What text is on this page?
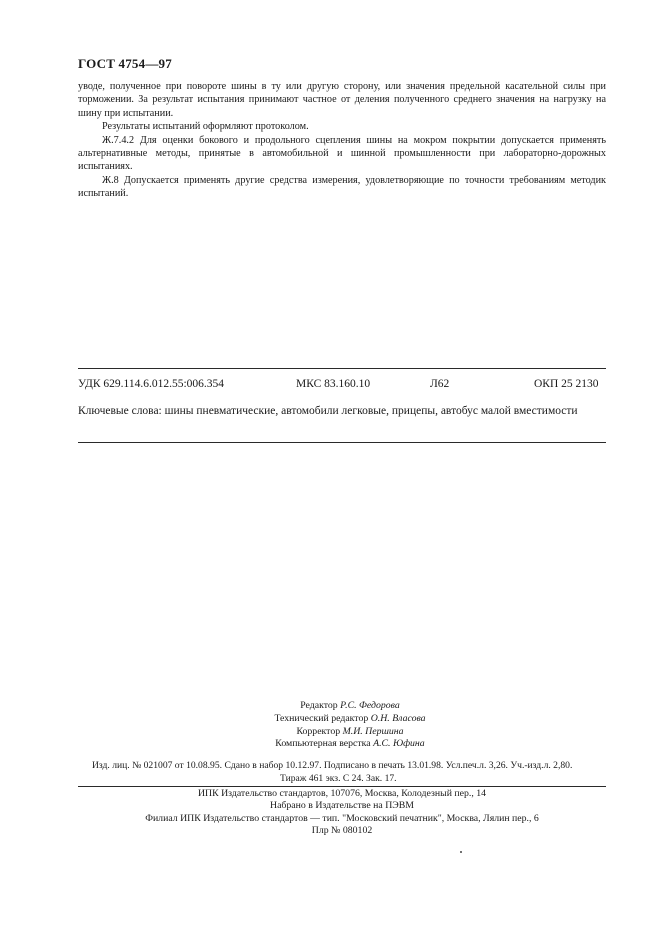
ГОСТ 4754—97

уводе, полученное при повороте шины в ту или другую сторону, или значения предельной касательной силы при торможении. За результат испытания принимают частное от деления полученного среднего значения на нагрузку на шину при испытании.

Результаты испытаний оформляют протоколом.

Ж.7.4.2 Для оценки бокового и продольного сцепления шины на мокром покрытии допускается применять альтернативные методы, принятые в автомобильной и шинной промышленности при лабораторно-дорожных испытаниях.

Ж.8 Допускается применять другие средства измерения, удовлетворяющие по точности требованиям методик испытаний.

УДК 629.114.6.012.55:006.354	МКС 83.160.10	Л62	ОКП 25 2130
Ключевые слова: шины пневматические, автомобили легковые, прицепы, автобус малой вместимости
Редактор Р.С. Федорова
Технический редактор О.Н. Власова
Корректор М.И. Першина
Компьютерная верстка А.С. Юфина
Изд. лиц. № 021007 от 10.08.95. Сдано в набор 10.12.97. Подписано в печать 13.01.98. Усл.печ.л. 3,26. Уч.-изд.л. 2,80.
Тираж 461 экз. С 24. Зак. 17.
ИПК Издательство стандартов, 107076, Москва, Колодезный пер., 14
Набрано в Издательстве на ПЭВМ
Филиал ИПК Издательство стандартов — тип. "Московский печатник", Москва, Лялин пер., 6
Плр № 080102
